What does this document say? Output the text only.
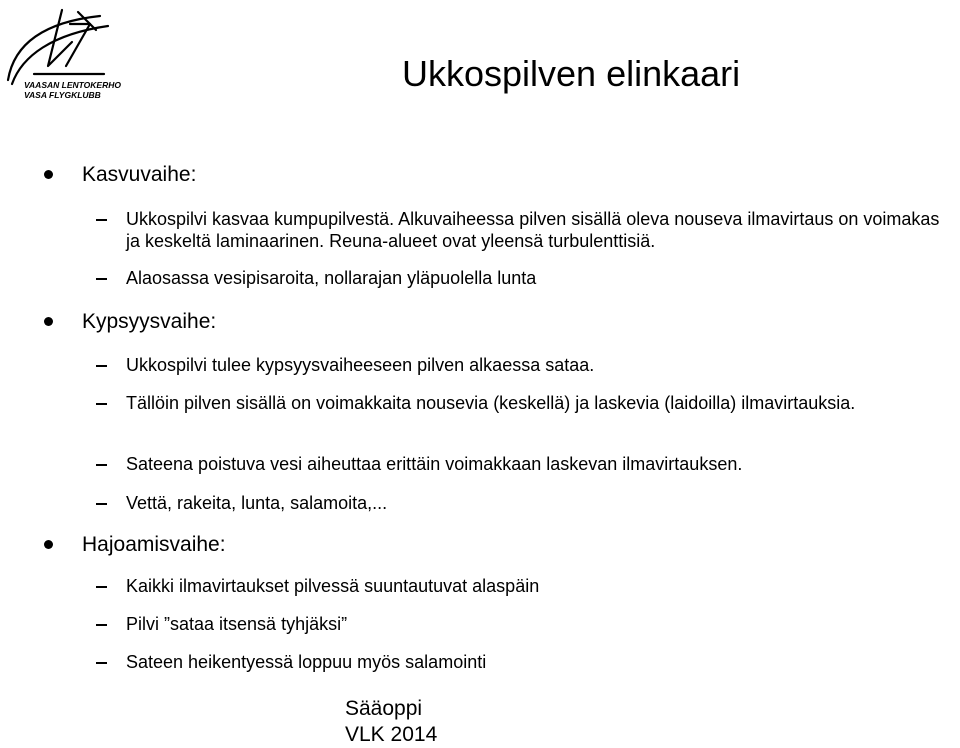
VAASAN LENTOKERHO
VASA FLYGKLUBB
Ukkospilven elinkaari
Kasvuvaihe:
Ukkospilvi kasvaa kumpupilvestä. Alkuvaiheessa pilven sisällä oleva nouseva ilmavirtaus on voimakas ja keskeltä laminaarinen. Reuna-alueet ovat yleensä turbulenttisiä.
Alaosassa vesipisaroita, nollarajan yläpuolella lunta
Kypsyysvaihe:
Ukkospilvi tulee kypsyysvaiheeseen pilven alkaessa sataa.
Tällöin pilven sisällä on voimakkaita nousevia (keskellä) ja laskevia (laidoilla) ilmavirtauksia.
Sateena poistuva vesi aiheuttaa erittäin voimakkaan laskevan ilmavirtauksen.
Vettä, rakeita, lunta, salamoita,...
Hajoamisvaihe:
Kaikki ilmavirtaukset pilvessä suuntautuvat alaspäin
Pilvi ”sataa itsensä tyhjäksi”
Sateen heikentyessä loppuu myös salamointi
Sääoppi
VLK 2014
